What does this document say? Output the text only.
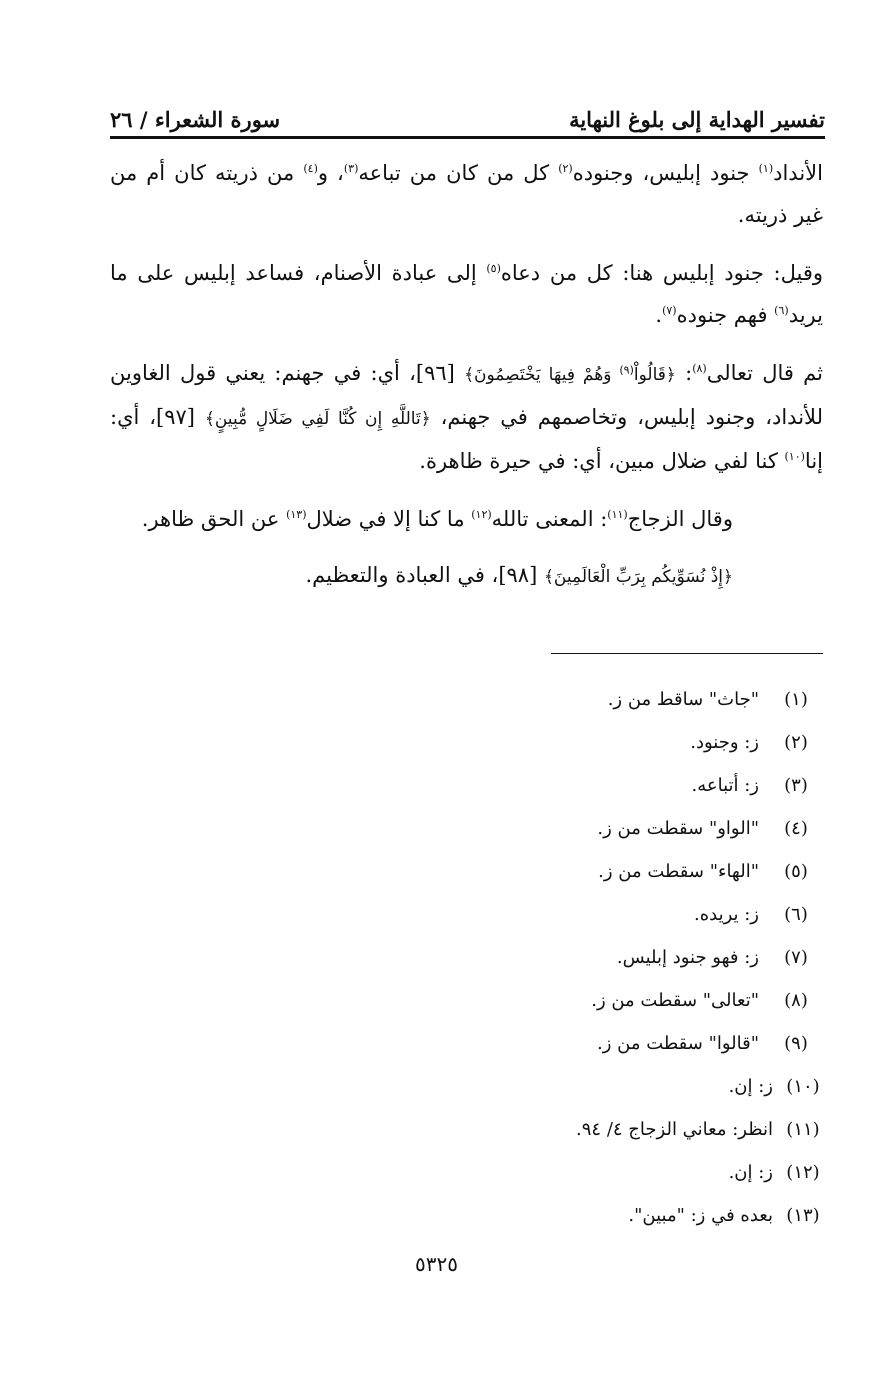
تفسير الهداية إلى بلوغ النهاية
سورة الشعراء / ٢٦

الأنداد$^{(١)}$ جنود إبليس، وجنوده$^{(٢)}$ كل من كان من تباعه$^{(٣)}$، و$^{(٤)}$ من ذريته كان أم من غير ذريته.

وقيل: جنود إبليس هنا: كل من دعاه$^{(٥)}$ إلى عبادة الأصنام، فساعد إبليس على ما يريد$^{(٦)}$ فهم جنوده$^{(٧)}$.

ثم قال تعالى$^{(٨)}$: ﴿قَالُواْ$^{(٩)}$ وَهُمْ فِيهَا يَخْتَصِمُونَ﴾ [٩٦]، أي: في جهنم: يعني قول الغاوين للأنداد، وجنود إبليس، وتخاصمهم في جهنم، ﴿تَاللَّهِ إِن كُنَّا لَفِي ضَلَالٍ مُّبِينٍ﴾ [٩٧]، أي: إنا$^{(١٠)}$ كنا لفي ضلال مبين، أي: في حيرة ظاهرة.

وقال الزجاج$^{(١١)}$: المعنى تالله$^{(١٢)}$ ما كنا إلا في ضلال$^{(١٣)}$ عن الحق ظاهر.

﴿إِذْ نُسَوِّيكُم بِرَبِّ الْعَالَمِينَ﴾ [٩٨]، في العبادة والتعظيم.

(١)
"جاث" ساقط من ز.
(٢)
ز: وجنود.
(٣)
ز: أتباعه.
(٤)
"الواو" سقطت من ز.
(٥)
"الهاء" سقطت من ز.
(٦)
ز: يريده.
(٧)
ز: فهو جنود إبليس.
(٨)
"تعالى" سقطت من ز.
(٩)
"قالوا" سقطت من ز.
(١٠)
ز: إن.
(١١)
انظر: معاني الزجاج ٤/ ٩٤.
(١٢)
ز: إن.
(١٣)
بعده في ز: "مبين".
٥٣٢٥
